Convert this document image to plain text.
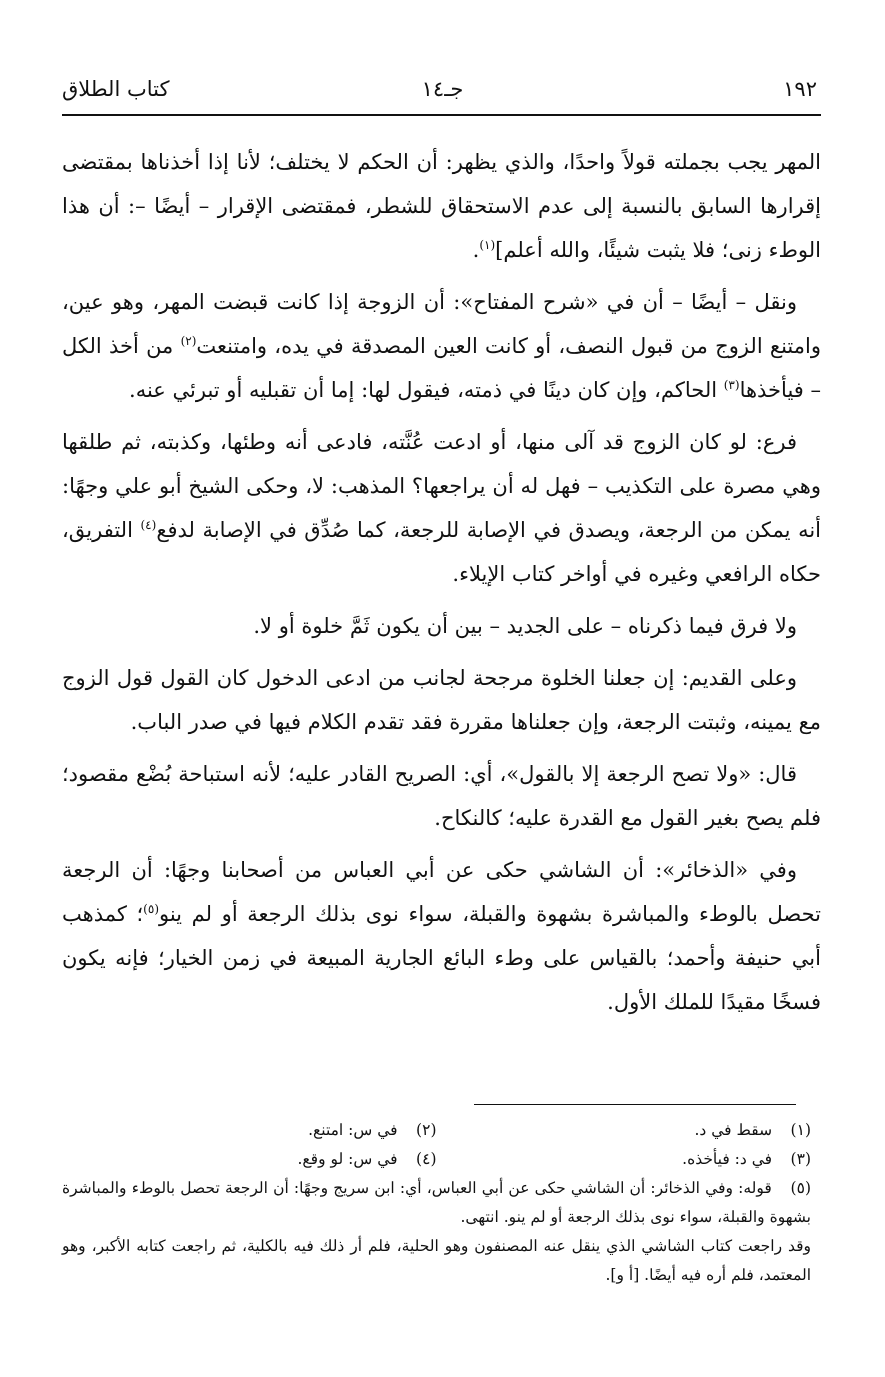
١٩٢
جـ١٤
كتاب الطلاق

المهر يجب بجملته قولاً واحدًا، والذي يظهر: أن الحكم لا يختلف؛ لأنا إذا أخذناها بمقتضى إقرارها السابق بالنسبة إلى عدم الاستحقاق للشطر، فمقتضى الإقرار – أيضًا –: أن هذا الوطء زنى؛ فلا يثبت شيئًا، والله أعلم]$^{(١)}$.

ونقل – أيضًا – أن في «شرح المفتاح»: أن الزوجة إذا كانت قبضت المهر، وهو عين، وامتنع الزوج من قبول النصف، أو كانت العين المصدقة في يده، وامتنعت$^{(٢)}$ من أخذ الكل – فيأخذها$^{(٣)}$ الحاكم، وإن كان دينًا في ذمته، فيقول لها: إما أن تقبليه أو تبرئي عنه.

فرع: لو كان الزوج قد آلى منها، أو ادعت عُنَّته، فادعى أنه وطئها، وكذبته، ثم طلقها وهي مصرة على التكذيب – فهل له أن يراجعها؟ المذهب: لا، وحكى الشيخ أبو علي وجهًا: أنه يمكن من الرجعة، ويصدق في الإصابة للرجعة، كما صُدِّق في الإصابة لدفع$^{(٤)}$ التفريق، حكاه الرافعي وغيره في أواخر كتاب الإيلاء.

ولا فرق فيما ذكرناه – على الجديد – بين أن يكون ثَمَّ خلوة أو لا.

وعلى القديم: إن جعلنا الخلوة مرجحة لجانب من ادعى الدخول كان القول قول الزوج مع يمينه، وثبتت الرجعة، وإن جعلناها مقررة فقد تقدم الكلام فيها في صدر الباب.

قال: «ولا تصح الرجعة إلا بالقول»، أي: الصريح القادر عليه؛ لأنه استباحة بُضْع مقصود؛ فلم يصح بغير القول مع القدرة عليه؛ كالنكاح.

وفي «الذخائر»: أن الشاشي حكى عن أبي العباس من أصحابنا وجهًا: أن الرجعة تحصل بالوطء والمباشرة بشهوة والقبلة، سواء نوى بذلك الرجعة أو لم ينو$^{(٥)}$؛ كمذهب أبي حنيفة وأحمد؛ بالقياس على وطء البائع الجارية المبيعة في زمن الخيار؛ فإنه يكون فسخًا مقيدًا للملك الأول.

(١) سقط في د.
(٢) في س: امتنع.
(٣) في د: فيأخذه.
(٤) في س: لو وقع.
(٥) قوله: وفي الذخائر: أن الشاشي حكى عن أبي العباس، أي: ابن سريج وجهًا: أن الرجعة تحصل بالوطء والمباشرة بشهوة والقبلة، سواء نوى بذلك الرجعة أو لم ينو. انتهى.
وقد راجعت كتاب الشاشي الذي ينقل عنه المصنفون وهو الحلية، فلم أر ذلك فيه بالكلية، ثم راجعت كتابه الأكبر، وهو المعتمد، فلم أره فيه أيضًا. [أ و].
